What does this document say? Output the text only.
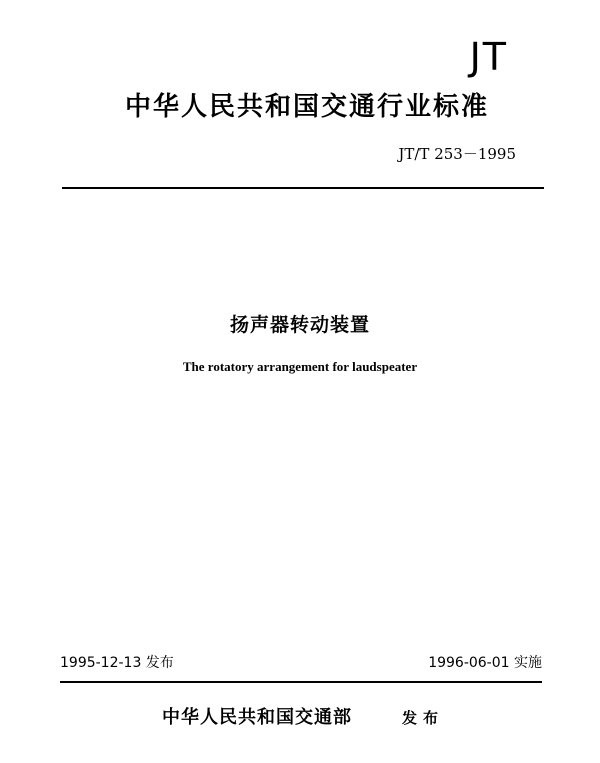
JT
中华人民共和国交通行业标准
JT/T 253－1995
扬声器转动装置
The rotatory arrangement for laudspeater
1995-12-13 发布	1996-06-01 实施
中华人民共和国交通部	发布
